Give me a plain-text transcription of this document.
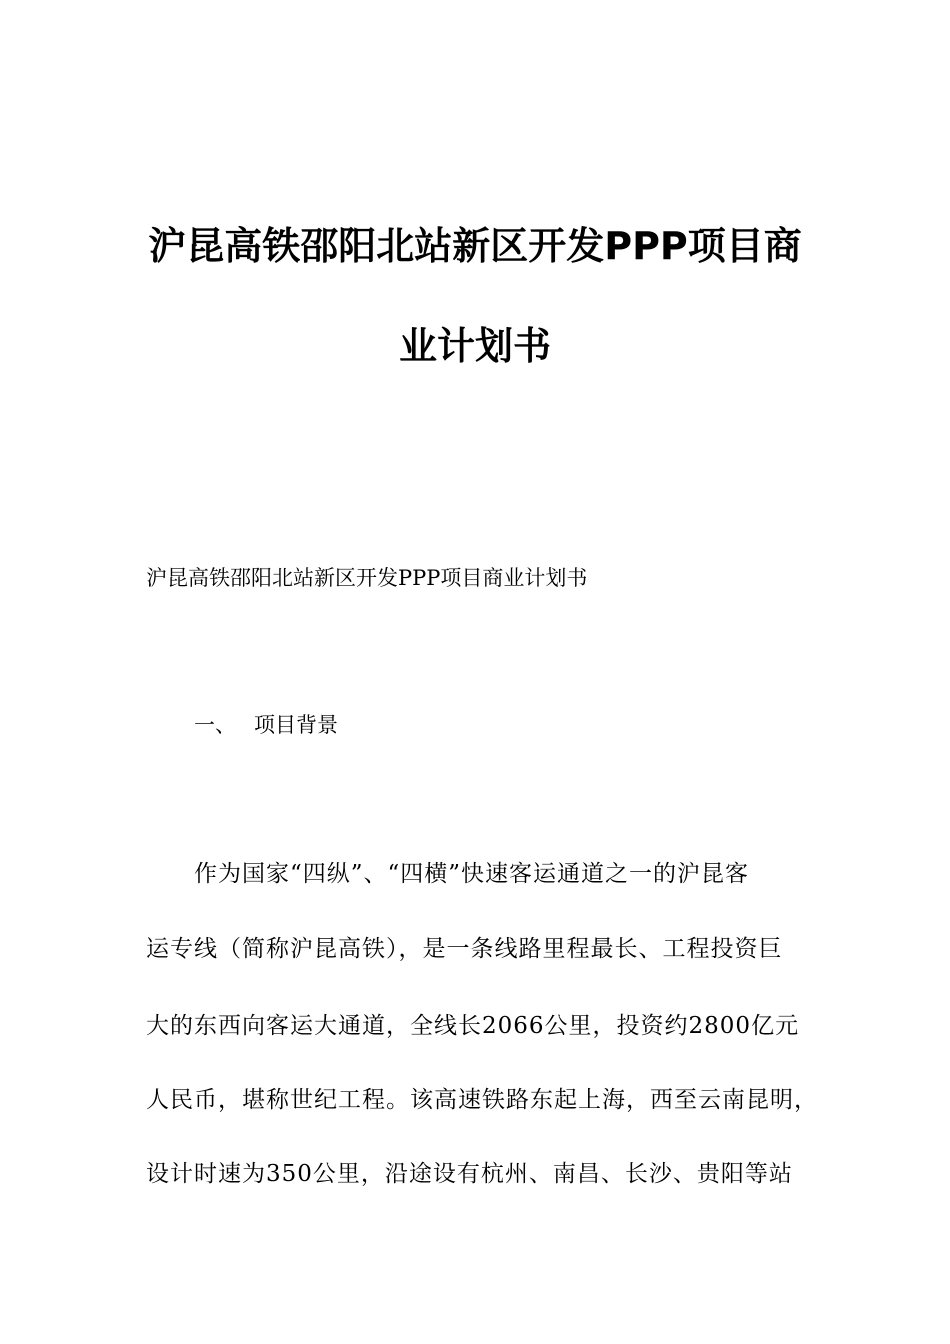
沪昆高铁邵阳北站新区开发PPP项目商
业计划书
沪昆高铁邵阳北站新区开发PPP项目商业计划书
一、 项目背景
作为国家“四纵”、“四横”快速客运通道之一的沪昆客
运专线（简称沪昆高铁），是一条线路里程最长、工程投资巨
大的东西向客运大通道，全线长2066公里，投资约2800亿元
人民币，堪称世纪工程。该高速铁路东起上海，西至云南昆明，
设计时速为350公里，沿途设有杭州、南昌、长沙、贵阳等站
